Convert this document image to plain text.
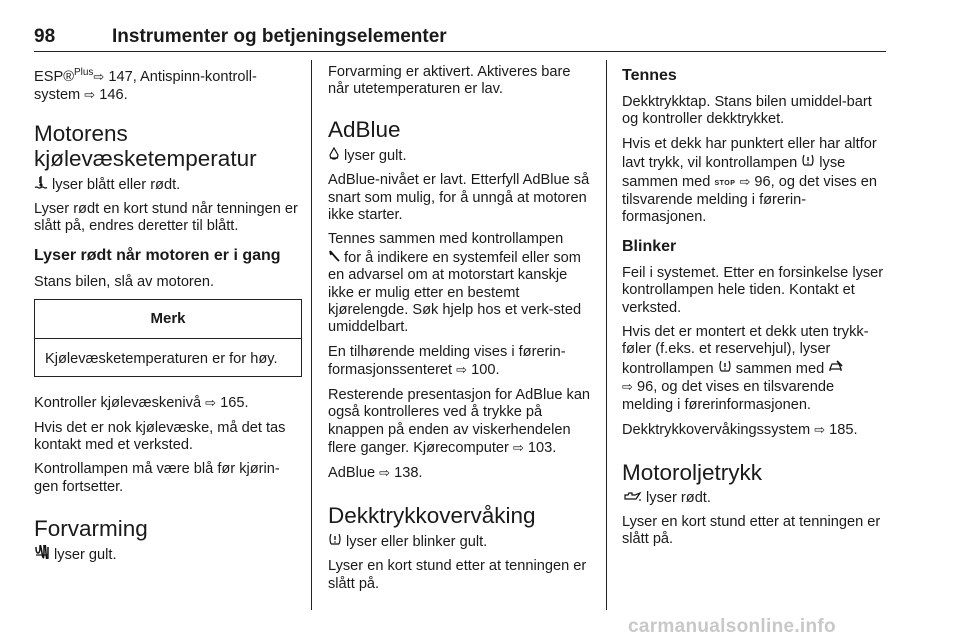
98	Instrumenter og betjeningselementer

ESP®$^{Plus}$⇨ 147, Antispinn-kontroll-system ⇨ 146.

Motorens kjølevæsketemperatur

lyser blått eller rødt.

Lyser rødt en kort stund når tenningen er slått på, endres deretter til blått.

Lyser rødt når motoren er i gang

Stans bilen, slå av motoren.

Merk
Kjølevæsketemperaturen er for høy.

Kontroller kjølevæskenivå ⇨ 165.

Hvis det er nok kjølevæske, må det tas kontakt med et verksted.

Kontrollampen må være blå før kjørin-gen fortsetter.

Forvarming

lyser gult.

Forvarming er aktivert. Aktiveres bare når utetemperaturen er lav.

AdBlue

lyser gult.

AdBlue-nivået er lavt. Etterfyll AdBlue så snart som mulig, for å unngå at motoren ikke starter.

Tennes sammen med kontrollampen
for å indikere en systemfeil eller som en advarsel om at motorstart kanskje ikke er mulig etter en bestemt kjørelengde. Søk hjelp hos et verk-sted umiddelbart.

En tilhørende melding vises i førerin-formasjonssenteret ⇨ 100.

Resterende presentasjon for AdBlue kan også kontrolleres ved å trykke på knappen på enden av viskerhendelen flere ganger. Kjørecomputer ⇨ 103.

AdBlue ⇨ 138.

Dekktrykkovervåking

lyser eller blinker gult.

Lyser en kort stund etter at tenningen er slått på.

Tennes

Dekktrykktap. Stans bilen umiddel-bart og kontroller dekktrykket.

Hvis et dekk har punktert eller har altfor lavt trykk, vil kontrollampen  lyse sammen med STOP ⇨ 96, og det vises en tilsvarende melding i førerin-formasjonen.

Blinker

Feil i systemet. Etter en forsinkelse lyser kontrollampen hele tiden. Kontakt et verksted.

Hvis det er montert et dekk uten trykk-føler (f.eks. et reservehjul), lyser kontrollampen  sammen med
⇨ 96, og det vises en tilsvarende melding i førerinformasjonen.

Dekktrykkovervåkingssystem ⇨ 185.

Motoroljetrykk

lyser rødt.

Lyser en kort stund etter at tenningen er slått på.

carmanualsonline.info
